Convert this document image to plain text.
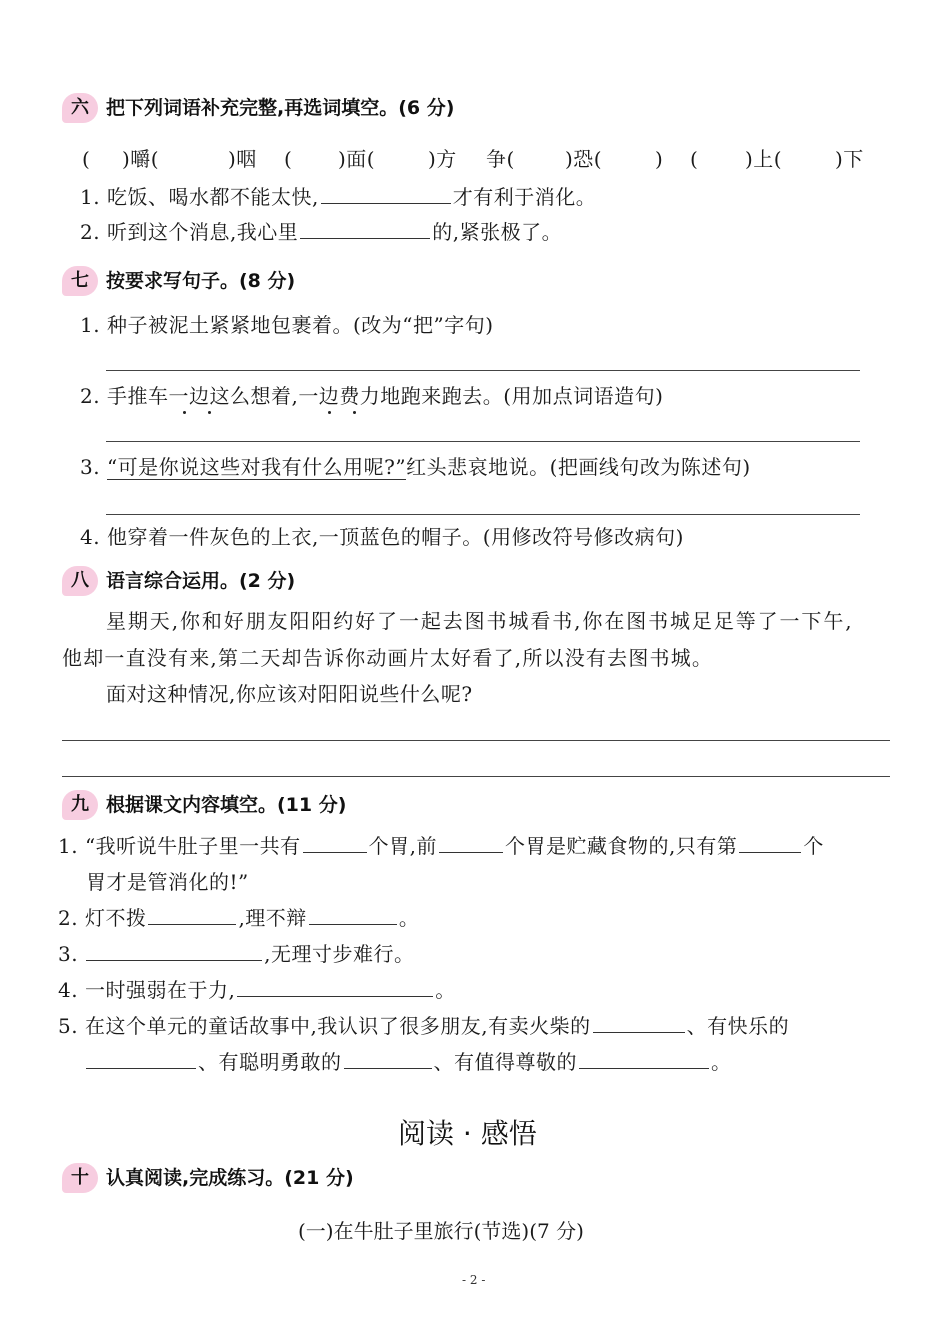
六 把下列词语补充完整,再选词填空。(6 分)
( )嚼(	)咽 ( )面(	)方 争(	)恐(	) ( )上(	)下
1. 吃饭、喝水都不能太快,	才有利于消化。
2. 听到这个消息,我心里	的,紧张极了。
七 按要求写句子。(8 分)
1. 种子被泥土紧紧地包裹着。(改为“把”字句)
2. 手推车一边这么想着,一边费力地跑来跑去。(用加点词语造句)
3. “可是你说这些对我有什么用呢?”红头悲哀地说。(把画线句改为陈述句)
4. 他穿着一件灰色的上衣,一顶蓝色的帽子。(用修改符号修改病句)
八 语言综合运用。(2 分)
星期天,你和好朋友阳阳约好了一起去图书城看书,你在图书城足足等了一下午,
他却一直没有来,第二天却告诉你动画片太好看了,所以没有去图书城。
面对这种情况,你应该对阳阳说些什么呢?
九 根据课文内容填空。(11 分)
1. “我听说牛肚子里一共有	个胃,前	个胃是贮藏食物的,只有第	个
胃才是管消化的!”
2. 灯不拨	,理不辩	。
3.	,无理寸步难行。
4. 一时强弱在于力,	。
5. 在这个单元的童话故事中,我认识了很多朋友,有卖火柴的	、有快乐的
、有聪明勇敢的	、有值得尊敬的	。
阅读 · 感悟
十 认真阅读,完成练习。(21 分)
(一)在牛肚子里旅行(节选)(7 分)
- 2 -
